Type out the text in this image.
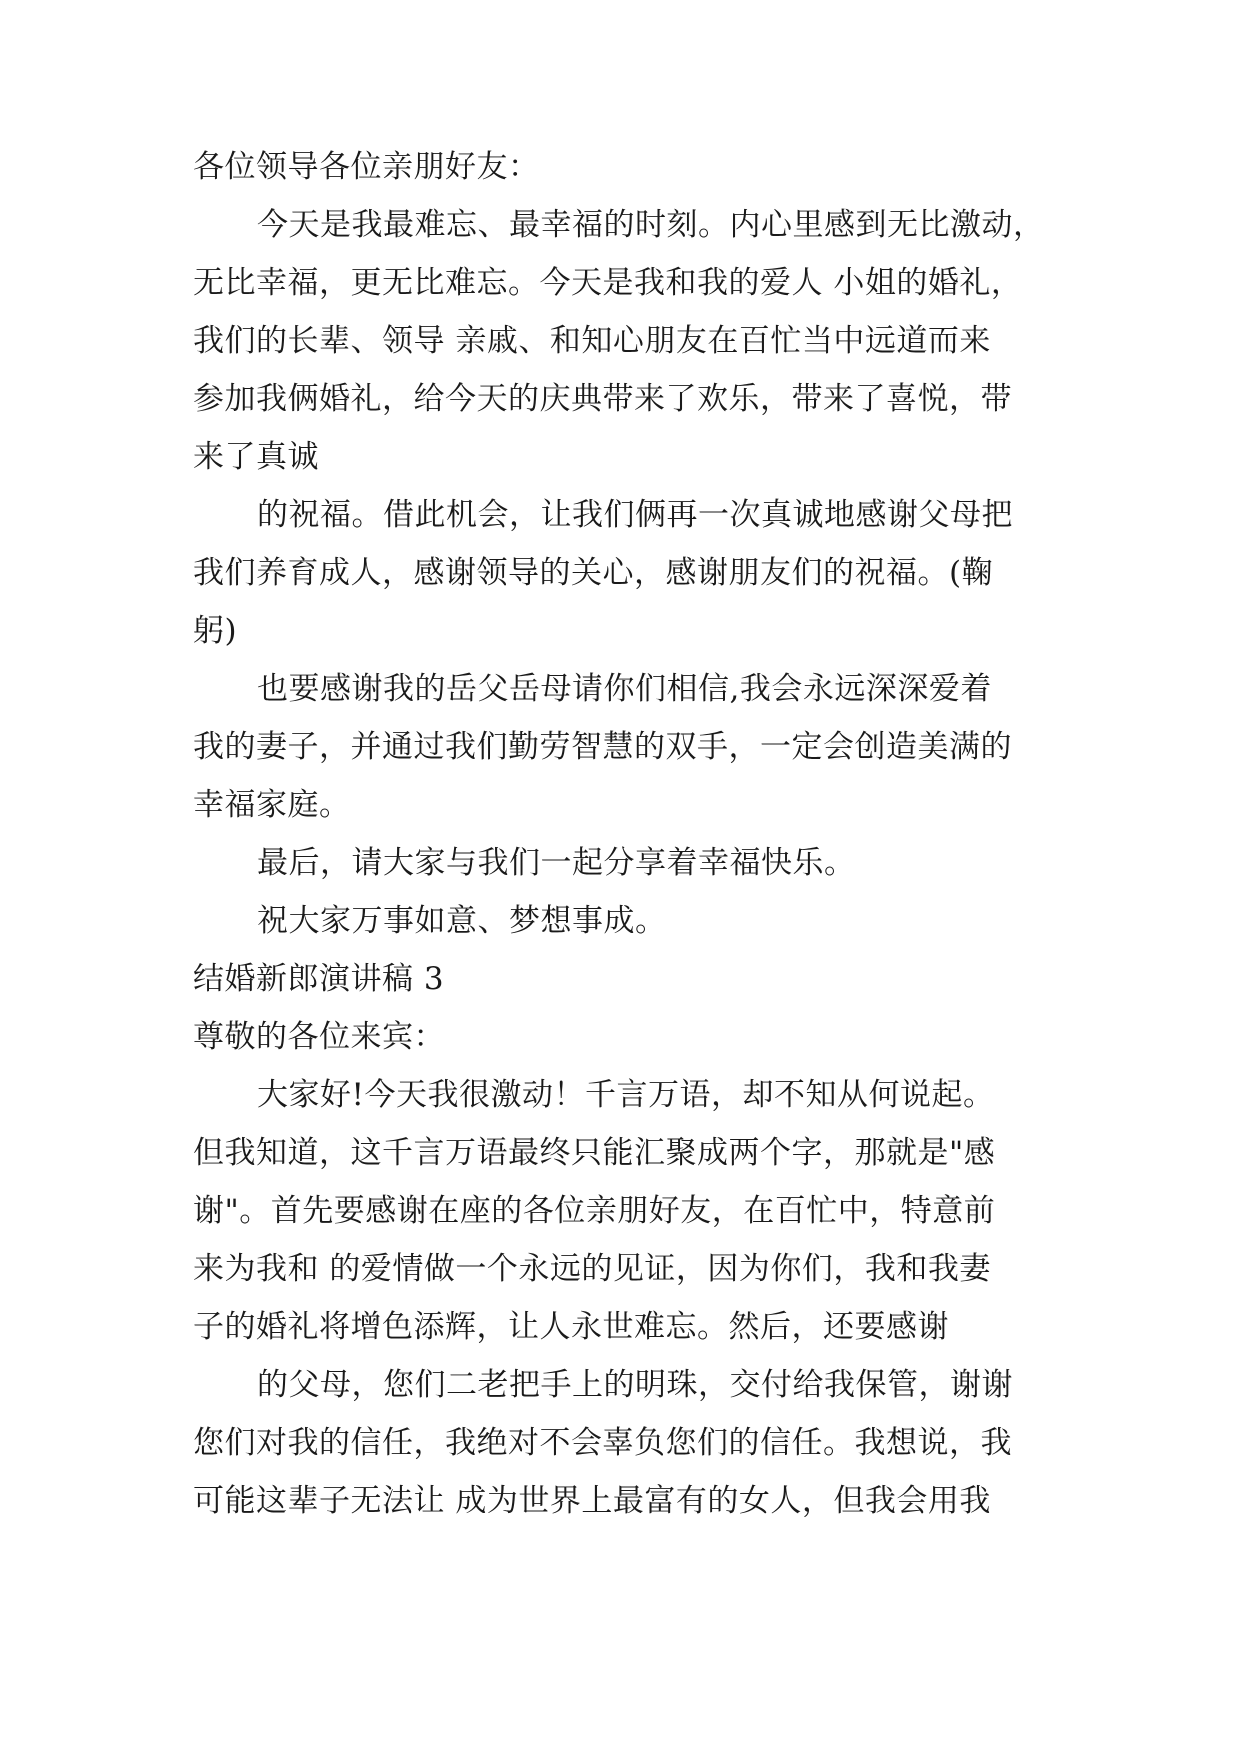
各位领导各位亲朋好友：
今天是我最难忘、最幸福的时刻。内心里感到无比激动，
无比幸福，更无比难忘。今天是我和我的爱人 小姐的婚礼，
我们的长辈、领导 亲戚、和知心朋友在百忙当中远道而来
参加我俩婚礼，给今天的庆典带来了欢乐，带来了喜悦，带
来了真诚
的祝福。借此机会，让我们俩再一次真诚地感谢父母把
我们养育成人，感谢领导的关心，感谢朋友们的祝福。(鞠
躬)
也要感谢我的岳父岳母请你们相信,我会永远深深爱着
我的妻子，并通过我们勤劳智慧的双手，一定会创造美满的
幸福家庭。
最后，请大家与我们一起分享着幸福快乐。
祝大家万事如意、梦想事成。
结婚新郎演讲稿 3
尊敬的各位来宾：
大家好!今天我很激动！千言万语，却不知从何说起。
但我知道，这千言万语最终只能汇聚成两个字，那就是"感
谢"。首先要感谢在座的各位亲朋好友，在百忙中，特意前
来为我和 的爱情做一个永远的见证，因为你们，我和我妻
子的婚礼将增色添辉，让人永世难忘。然后，还要感谢
的父母，您们二老把手上的明珠，交付给我保管，谢谢
您们对我的信任，我绝对不会辜负您们的信任。我想说，我
可能这辈子无法让 成为世界上最富有的女人，但我会用我
